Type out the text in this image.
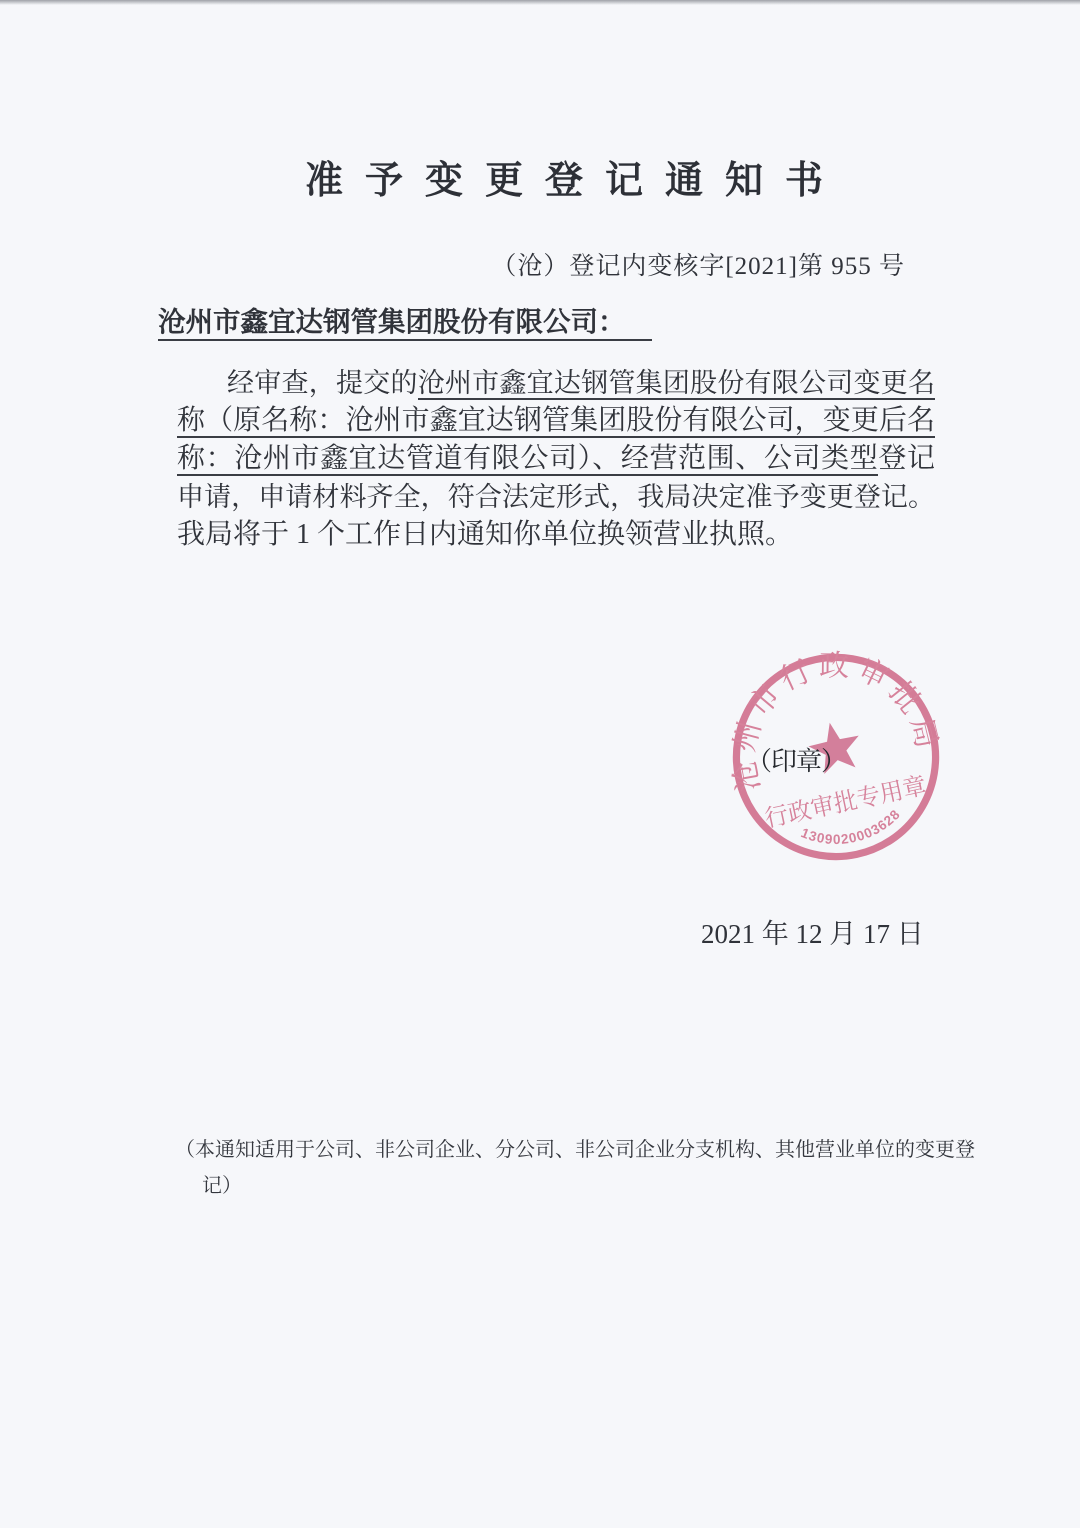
准予变更登记通知书
（沧）登记内变核字[2021]第 955 号
沧州市鑫宜达钢管集团股份有限公司：
经审查，提交的沧州市鑫宜达钢管集团股份有限公司变更名
称（原名称：沧州市鑫宜达钢管集团股份有限公司，变更后名
称：沧州市鑫宜达管道有限公司）、经营范围、公司类型登记
申请，申请材料齐全，符合法定形式，我局决定准予变更登记。
我局将于 1 个工作日内通知你单位换领营业执照。
沧州市行政审批局
行政审批专用章
1309020003628
（印章）
2021 年 12 月 17 日
（本通知适用于公司、非公司企业、分公司、非公司企业分支机构、其他营业单位的变更登
记）
